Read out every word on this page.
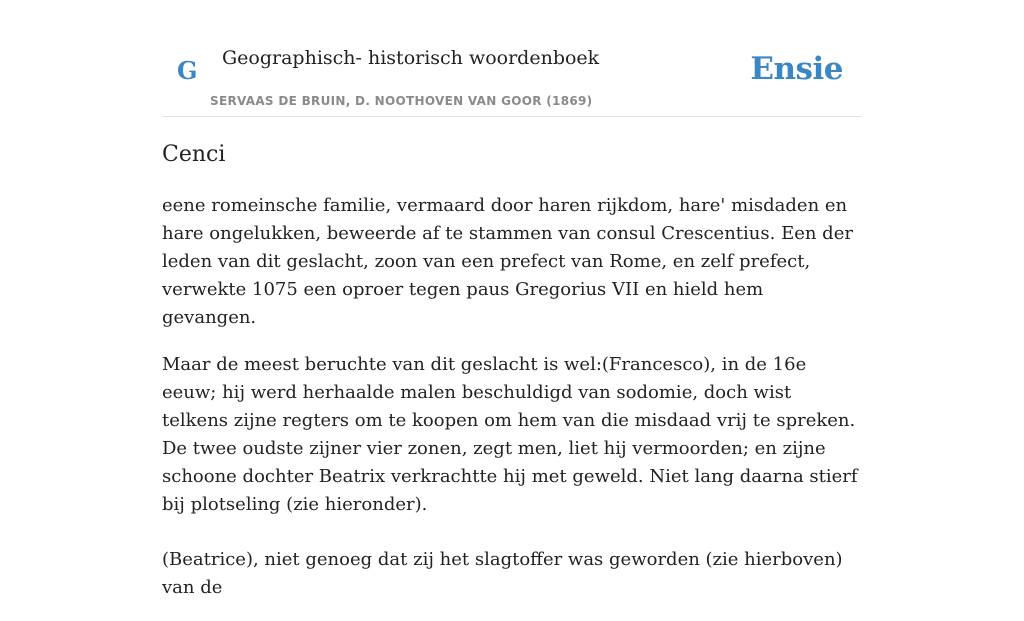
G Geographisch- historisch woordenboek
SERVAAS DE BRUIN, D. NOOTHOVEN VAN GOOR (1869)
Ensie
Cenci

eene romeinsche familie, vermaard door haren rijkdom, hare' misdaden en hare ongelukken, beweerde af te stammen van consul Crescentius. Een der leden van dit geslacht, zoon van een prefect van Rome, en zelf prefect, verwekte 1075 een oproer tegen paus Gregorius VII en hield hem gevangen.

Maar de meest beruchte van dit geslacht is wel:(Francesco), in de 16e eeuw; hij werd herhaalde malen beschuldigd van sodomie, doch wist telkens zijne regters om te koopen om hem van die misdaad vrij te spreken. De twee oudste zijner vier zonen, zegt men, liet hij vermoorden; en zijne schoone dochter Beatrix verkrachtte hij met geweld. Niet lang daarna stierf bij plotseling (zie hieronder).

(Beatrice), niet genoeg dat zij het slagtoffer was geworden (zie hierboven) van de
